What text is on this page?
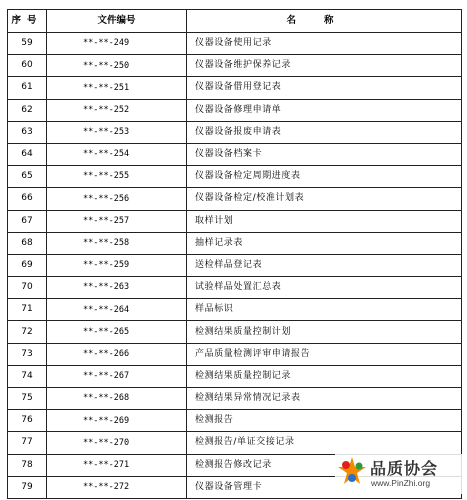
序号	文件编号	名称
59	**-**-249	仪器设备使用记录
60	**-**-250	仪器设备维护保养记录
61	**-**-251	仪器设备借用登记表
62	**-**-252	仪器设备修理申请单
63	**-**-253	仪器设备报废申请表
64	**-**-254	仪器设备档案卡
65	**-**-255	仪器设备检定周期进度表
66	**-**-256	仪器设备检定/校准计划表
67	**-**-257	取样计划
68	**-**-258	抽样记录表
69	**-**-259	送检样品登记表
70	**-**-263	试验样品处置汇总表
71	**-**-264	样品标识
72	**-**-265	检测结果质量控制计划
73	**-**-266	产品质量检测评审申请报告
74	**-**-267	检测结果质量控制记录
75	**-**-268	检测结果异常情况记录表
76	**-**-269	检测报告
77	**-**-270	检测报告/单证交接记录
78	**-**-271	检测报告修改记录
79	**-**-272	仪器设备管理卡
品质协会
www.PinZhi.org
